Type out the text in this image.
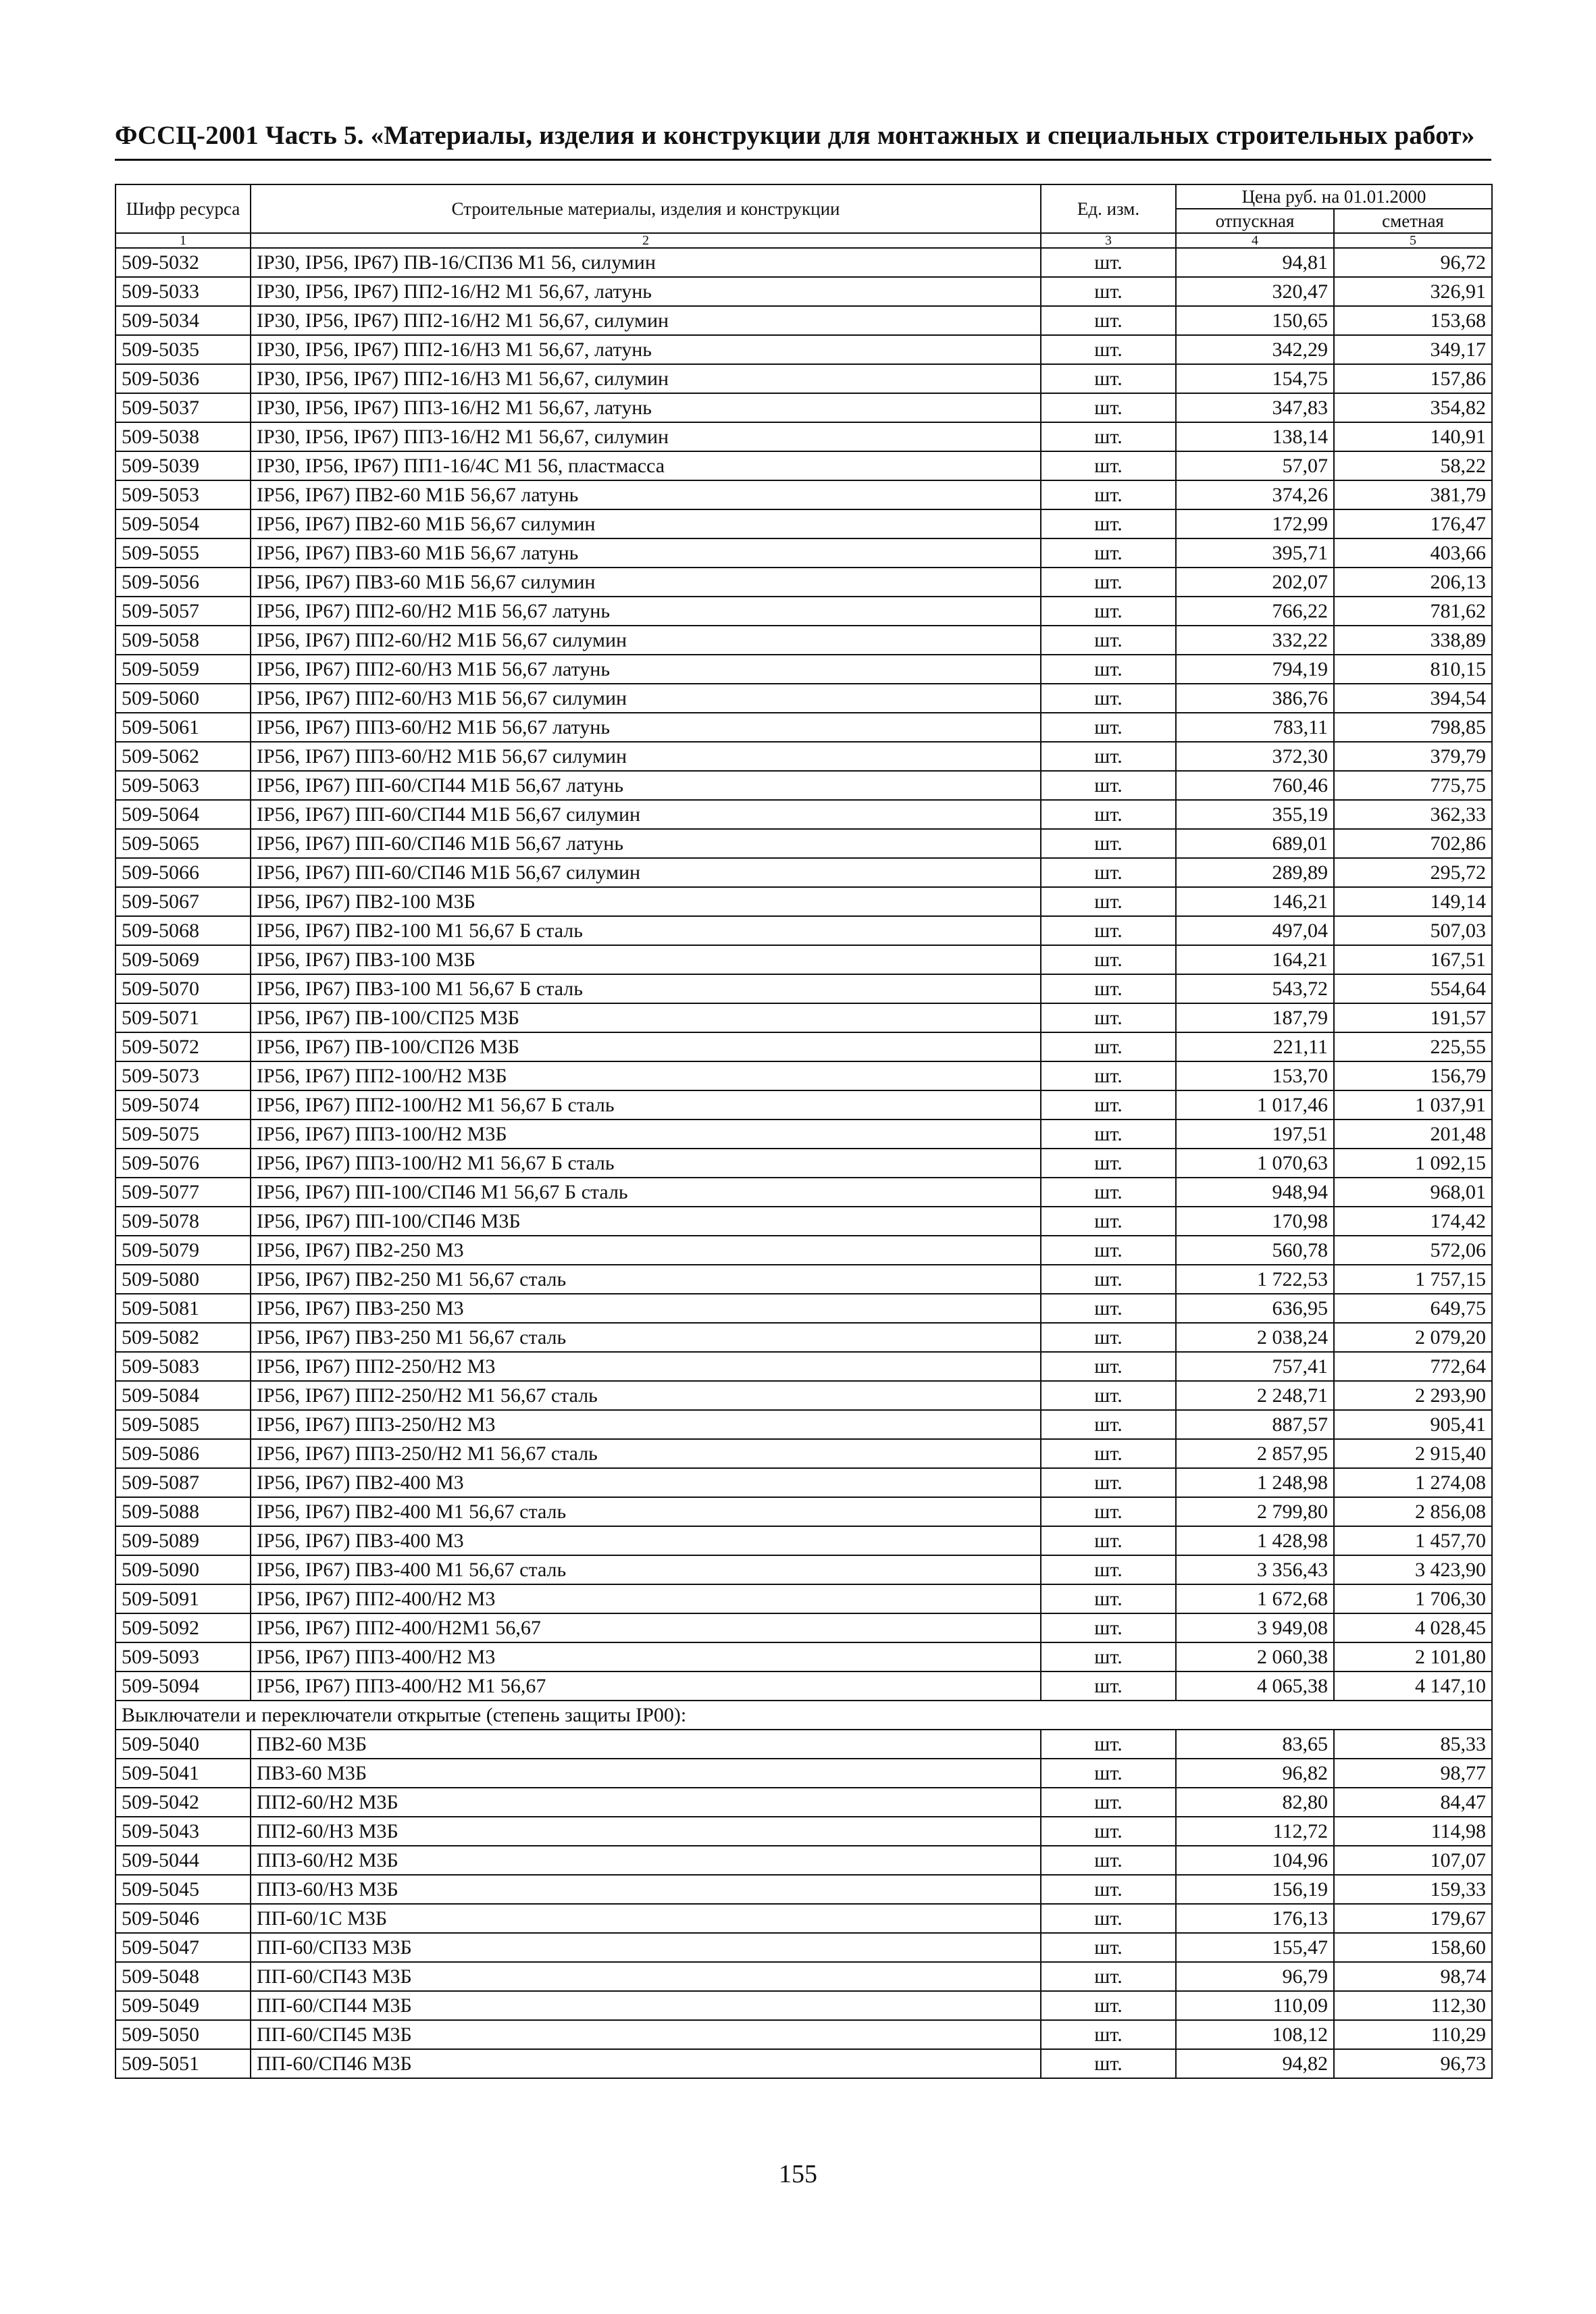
ФССЦ-2001 Часть 5. «Материалы, изделия и конструкции для монтажных и специальных строительных работ»
Шифр ресурса	Строительные материалы, изделия и конструкции	Ед. изм.	Цена руб. на 01.01.2000	
			отпускная	сметная
1	2	3	4	5
509-5032	IP30, IP56, IP67) ПВ-16/СП36 M1 56, силумин	шт.	94,81	96,72
509-5033	IP30, IP56, IP67) ПП2-16/H2 M1 56,67, латунь	шт.	320,47	326,91
509-5034	IP30, IP56, IP67) ПП2-16/H2 M1 56,67, силумин	шт.	150,65	153,68
509-5035	IP30, IP56, IP67) ПП2-16/H3 M1 56,67, латунь	шт.	342,29	349,17
509-5036	IP30, IP56, IP67) ПП2-16/H3 M1 56,67, силумин	шт.	154,75	157,86
509-5037	IP30, IP56, IP67) ПП3-16/H2 M1 56,67, латунь	шт.	347,83	354,82
509-5038	IP30, IP56, IP67) ПП3-16/H2 M1 56,67, силумин	шт.	138,14	140,91
509-5039	IP30, IP56, IP67) ПП1-16/4C M1 56, пластмасса	шт.	57,07	58,22
509-5053	IP56, IP67) ПВ2-60 M1Б 56,67 латунь	шт.	374,26	381,79
509-5054	IP56, IP67) ПВ2-60 M1Б 56,67 силумин	шт.	172,99	176,47
509-5055	IP56, IP67) ПВ3-60 M1Б 56,67 латунь	шт.	395,71	403,66
509-5056	IP56, IP67) ПВ3-60 M1Б 56,67 силумин	шт.	202,07	206,13
509-5057	IP56, IP67) ПП2-60/H2 M1Б 56,67 латунь	шт.	766,22	781,62
509-5058	IP56, IP67) ПП2-60/H2 M1Б 56,67 силумин	шт.	332,22	338,89
509-5059	IP56, IP67) ПП2-60/H3 M1Б 56,67 латунь	шт.	794,19	810,15
509-5060	IP56, IP67) ПП2-60/H3 M1Б 56,67 силумин	шт.	386,76	394,54
509-5061	IP56, IP67) ПП3-60/H2 M1Б 56,67 латунь	шт.	783,11	798,85
509-5062	IP56, IP67) ПП3-60/H2 M1Б 56,67 силумин	шт.	372,30	379,79
509-5063	IP56, IP67) ПП-60/СП44 M1Б 56,67 латунь	шт.	760,46	775,75
509-5064	IP56, IP67) ПП-60/СП44 M1Б 56,67 силумин	шт.	355,19	362,33
509-5065	IP56, IP67) ПП-60/СП46 M1Б 56,67 латунь	шт.	689,01	702,86
509-5066	IP56, IP67) ПП-60/СП46 M1Б 56,67 силумин	шт.	289,89	295,72
509-5067	IP56, IP67) ПВ2-100 M3Б	шт.	146,21	149,14
509-5068	IP56, IP67) ПВ2-100 M1 56,67 Б сталь	шт.	497,04	507,03
509-5069	IP56, IP67) ПВ3-100 M3Б	шт.	164,21	167,51
509-5070	IP56, IP67) ПВ3-100 M1 56,67 Б сталь	шт.	543,72	554,64
509-5071	IP56, IP67) ПВ-100/СП25 M3Б	шт.	187,79	191,57
509-5072	IP56, IP67) ПВ-100/СП26 M3Б	шт.	221,11	225,55
509-5073	IP56, IP67) ПП2-100/H2 M3Б	шт.	153,70	156,79
509-5074	IP56, IP67) ПП2-100/H2 M1 56,67 Б сталь	шт.	1 017,46	1 037,91
509-5075	IP56, IP67) ПП3-100/H2 M3Б	шт.	197,51	201,48
509-5076	IP56, IP67) ПП3-100/H2 M1 56,67 Б сталь	шт.	1 070,63	1 092,15
509-5077	IP56, IP67) ПП-100/СП46 M1 56,67 Б сталь	шт.	948,94	968,01
509-5078	IP56, IP67) ПП-100/СП46 M3Б	шт.	170,98	174,42
509-5079	IP56, IP67) ПВ2-250 M3	шт.	560,78	572,06
509-5080	IP56, IP67) ПВ2-250 M1 56,67 сталь	шт.	1 722,53	1 757,15
509-5081	IP56, IP67) ПВ3-250 M3	шт.	636,95	649,75
509-5082	IP56, IP67) ПВ3-250 M1 56,67 сталь	шт.	2 038,24	2 079,20
509-5083	IP56, IP67) ПП2-250/H2 M3	шт.	757,41	772,64
509-5084	IP56, IP67) ПП2-250/H2 M1 56,67 сталь	шт.	2 248,71	2 293,90
509-5085	IP56, IP67) ПП3-250/H2 M3	шт.	887,57	905,41
509-5086	IP56, IP67) ПП3-250/H2 M1 56,67 сталь	шт.	2 857,95	2 915,40
509-5087	IP56, IP67) ПВ2-400 M3	шт.	1 248,98	1 274,08
509-5088	IP56, IP67) ПВ2-400 M1 56,67 сталь	шт.	2 799,80	2 856,08
509-5089	IP56, IP67) ПВ3-400 M3	шт.	1 428,98	1 457,70
509-5090	IP56, IP67) ПВ3-400 M1 56,67 сталь	шт.	3 356,43	3 423,90
509-5091	IP56, IP67) ПП2-400/H2 M3	шт.	1 672,68	1 706,30
509-5092	IP56, IP67) ПП2-400/H2M1 56,67	шт.	3 949,08	4 028,45
509-5093	IP56, IP67) ПП3-400/H2 M3	шт.	2 060,38	2 101,80
509-5094	IP56, IP67) ПП3-400/H2 M1 56,67	шт.	4 065,38	4 147,10
Выключатели и переключатели открытые (степень защиты IP00):				
509-5040	ПВ2-60 M3Б	шт.	83,65	85,33
509-5041	ПВ3-60 M3Б	шт.	96,82	98,77
509-5042	ПП2-60/H2 M3Б	шт.	82,80	84,47
509-5043	ПП2-60/H3 M3Б	шт.	112,72	114,98
509-5044	ПП3-60/H2 M3Б	шт.	104,96	107,07
509-5045	ПП3-60/H3 M3Б	шт.	156,19	159,33
509-5046	ПП-60/1C M3Б	шт.	176,13	179,67
509-5047	ПП-60/СП33 M3Б	шт.	155,47	158,60
509-5048	ПП-60/СП43 M3Б	шт.	96,79	98,74
509-5049	ПП-60/СП44 M3Б	шт.	110,09	112,30
509-5050	ПП-60/СП45 M3Б	шт.	108,12	110,29
509-5051	ПП-60/СП46 M3Б	шт.	94,82	96,73
155
